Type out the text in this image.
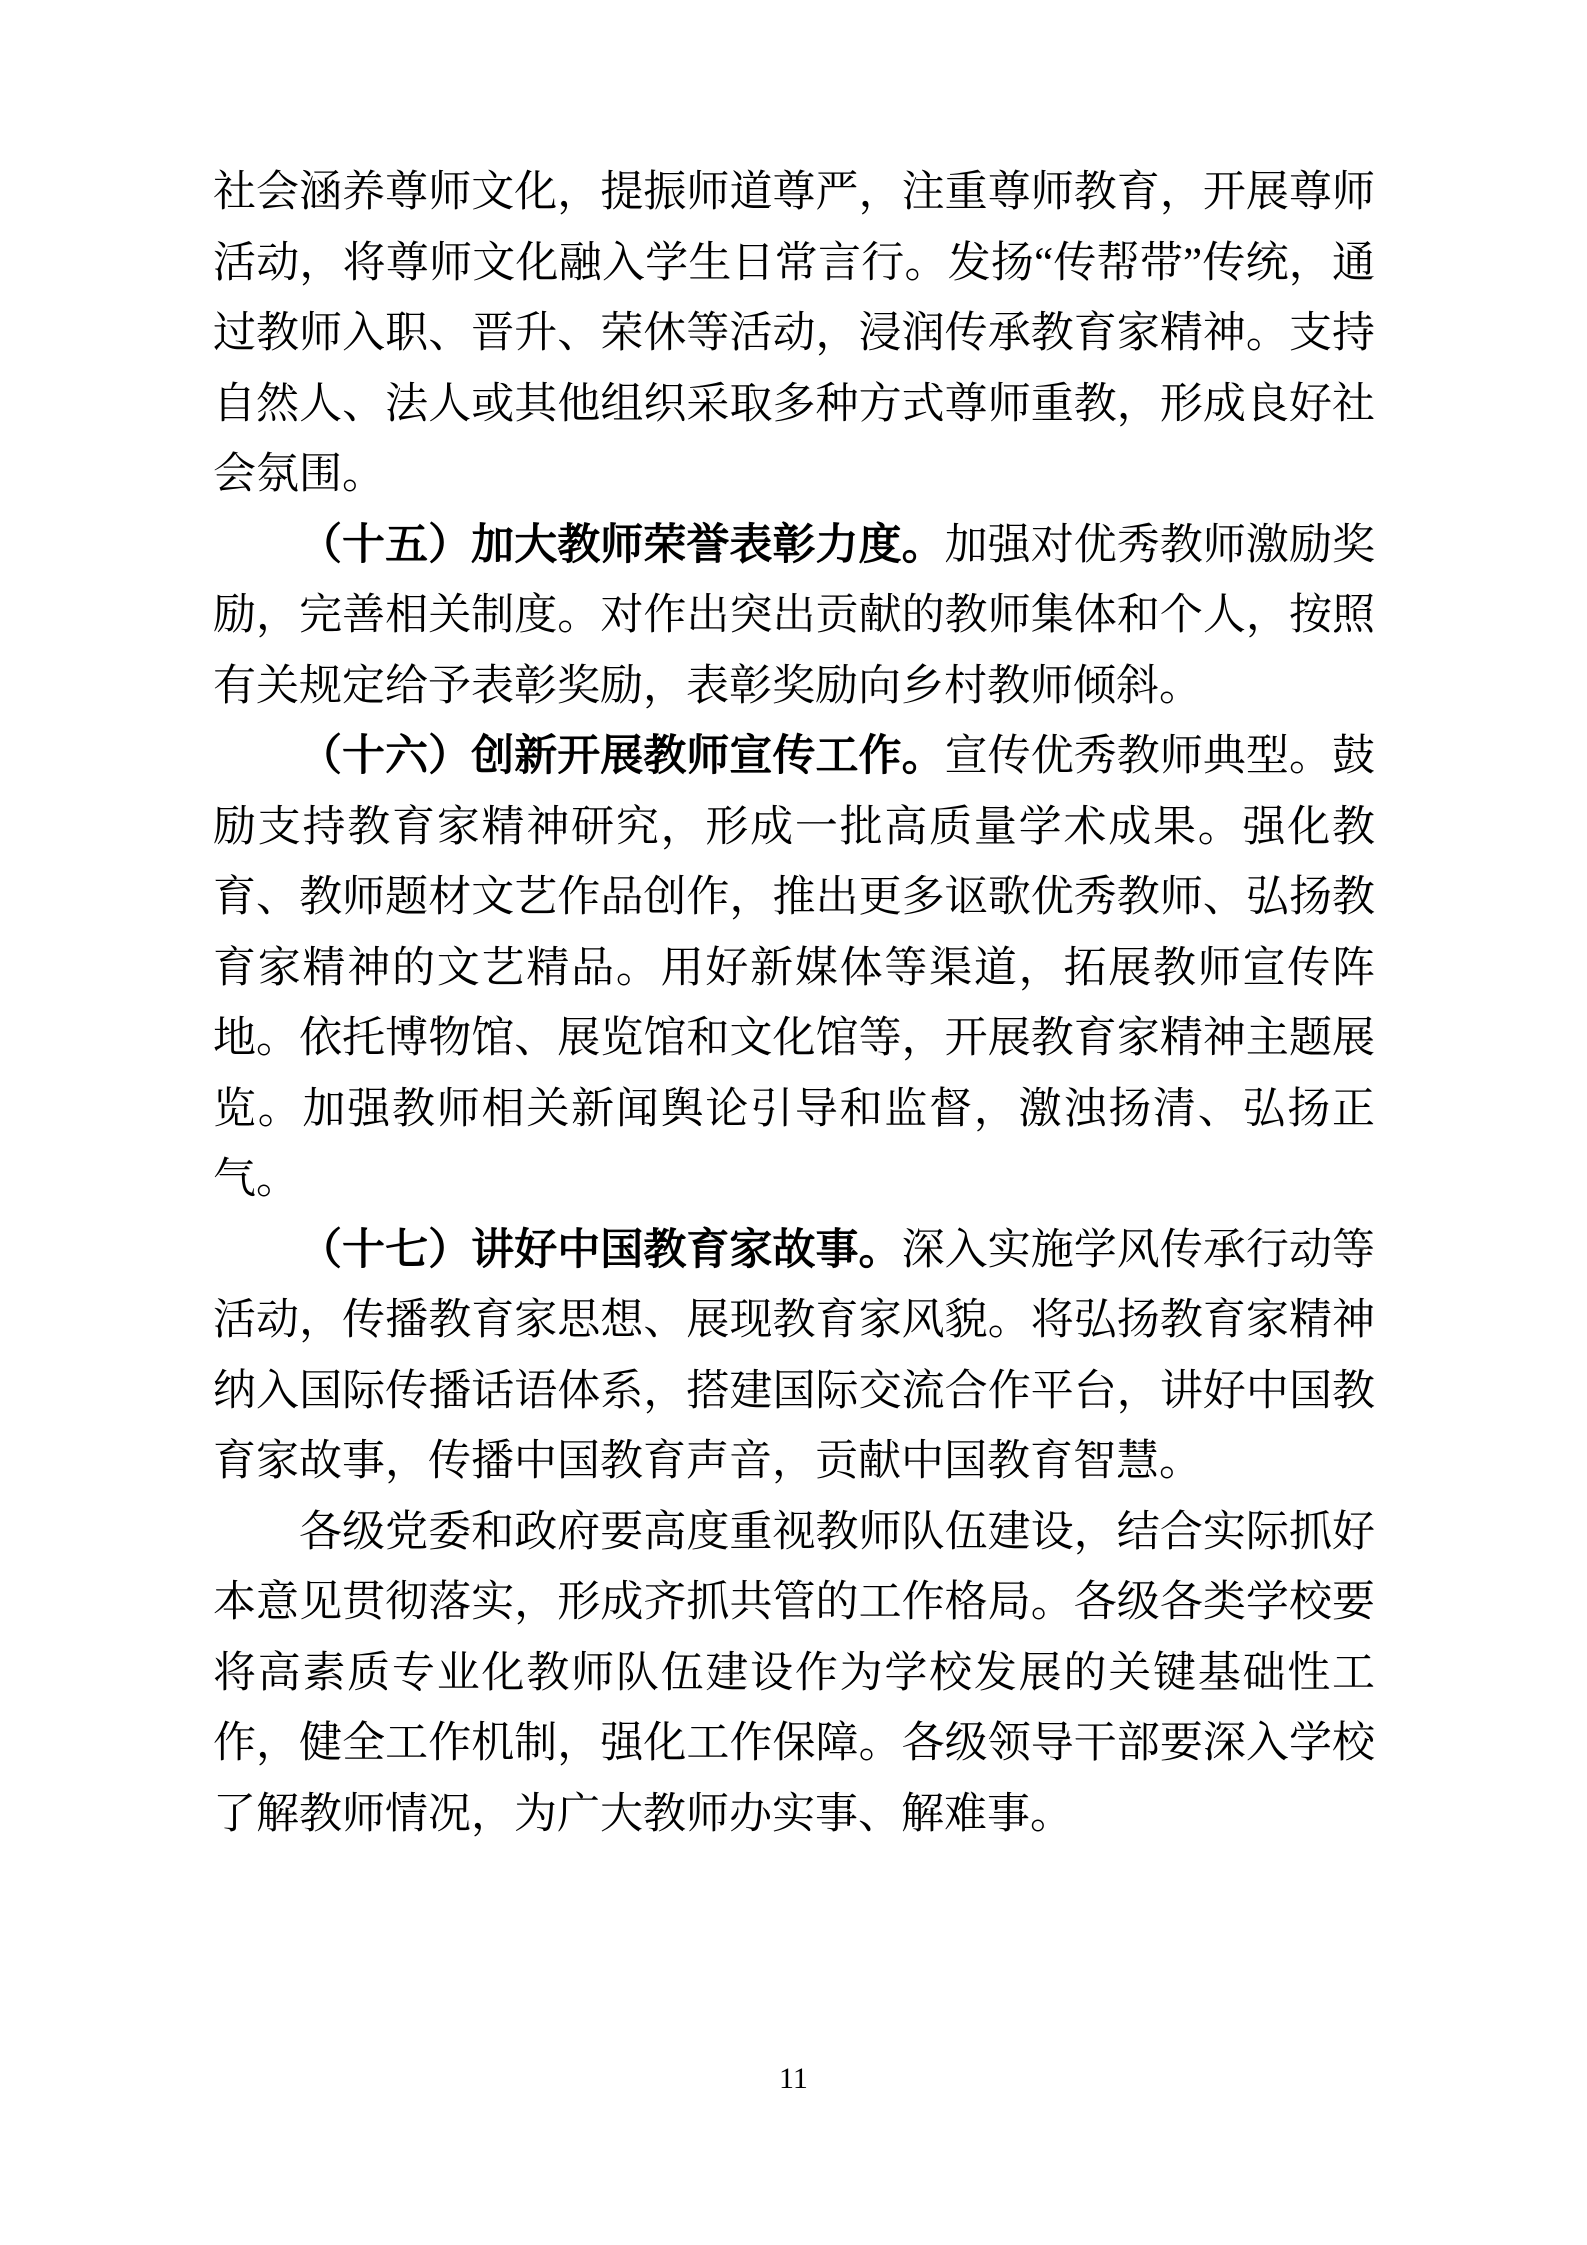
社会涵养尊师文化，提振师道尊严，注重尊师教育，开展尊师活动，将尊师文化融入学生日常言行。发扬“传帮带”传统，通过教师入职、晋升、荣休等活动，浸润传承教育家精神。支持自然人、法人或其他组织采取多种方式尊师重教，形成良好社会氛围。

（十五）加大教师荣誉表彰力度。加强对优秀教师激励奖励，完善相关制度。对作出突出贡献的教师集体和个人，按照有关规定给予表彰奖励，表彰奖励向乡村教师倾斜。

（十六）创新开展教师宣传工作。宣传优秀教师典型。鼓励支持教育家精神研究，形成一批高质量学术成果。强化教育、教师题材文艺作品创作，推出更多讴歌优秀教师、弘扬教育家精神的文艺精品。用好新媒体等渠道，拓展教师宣传阵地。依托博物馆、展览馆和文化馆等，开展教育家精神主题展览。加强教师相关新闻舆论引导和监督，激浊扬清、弘扬正气。

（十七）讲好中国教育家故事。深入实施学风传承行动等活动，传播教育家思想、展现教育家风貌。将弘扬教育家精神纳入国际传播话语体系，搭建国际交流合作平台，讲好中国教育家故事，传播中国教育声音，贡献中国教育智慧。

各级党委和政府要高度重视教师队伍建设，结合实际抓好本意见贯彻落实，形成齐抓共管的工作格局。各级各类学校要将高素质专业化教师队伍建设作为学校发展的关键基础性工作，健全工作机制，强化工作保障。各级领导干部要深入学校了解教师情况，为广大教师办实事、解难事。

11
